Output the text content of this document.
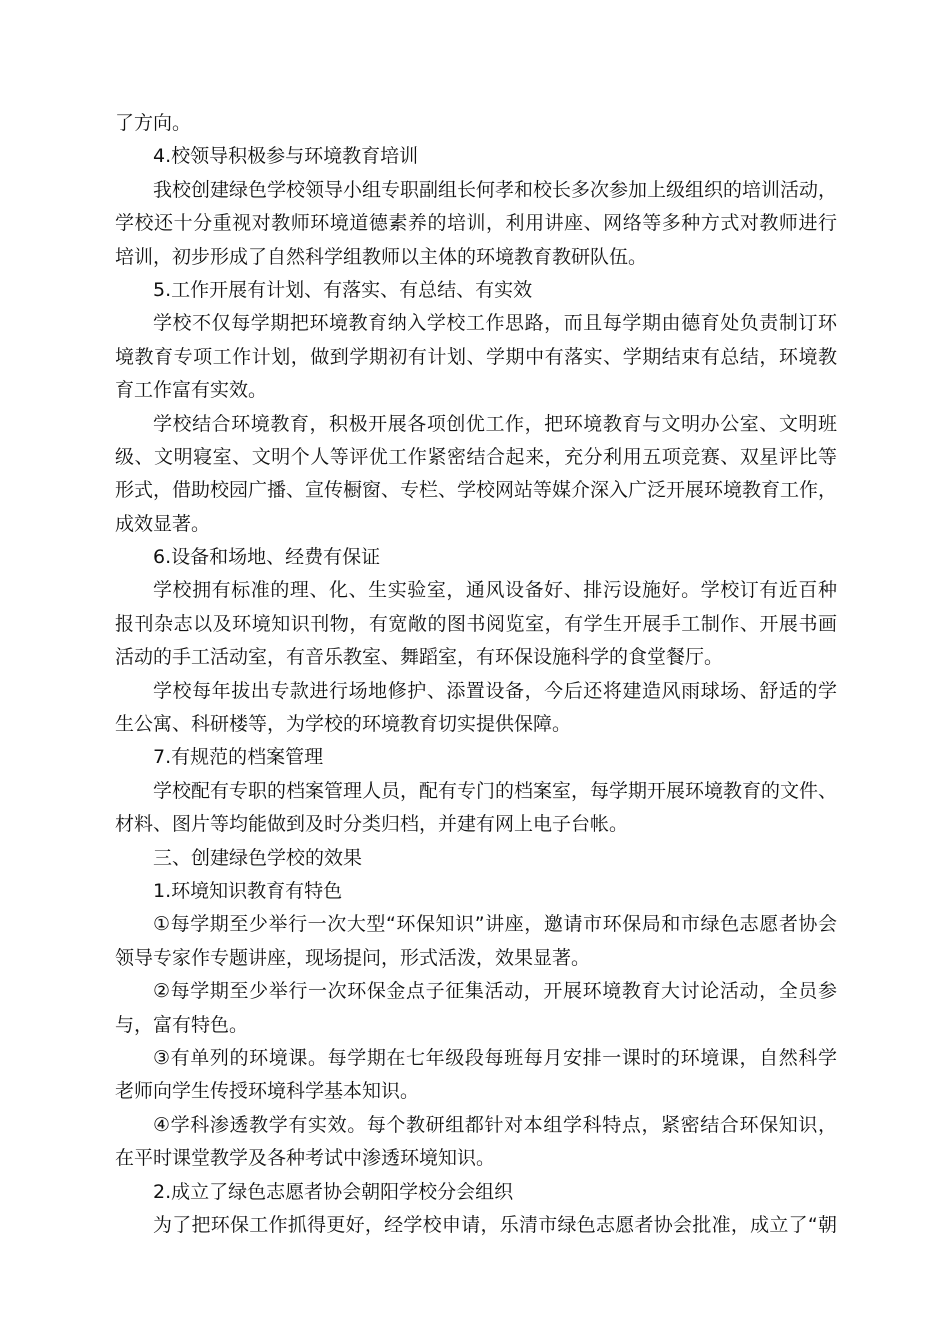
了方向。
4.校领导积极参与环境教育培训
我校创建绿色学校领导小组专职副组长何孝和校长多次参加上级组织的培训活动，
学校还十分重视对教师环境道德素养的培训，利用讲座、网络等多种方式对教师进行
培训，初步形成了自然科学组教师以主体的环境教育教研队伍。
5.工作开展有计划、有落实、有总结、有实效
学校不仅每学期把环境教育纳入学校工作思路，而且每学期由德育处负责制订环
境教育专项工作计划，做到学期初有计划、学期中有落实、学期结束有总结，环境教
育工作富有实效。
学校结合环境教育，积极开展各项创优工作，把环境教育与文明办公室、文明班
级、文明寝室、文明个人等评优工作紧密结合起来，充分利用五项竞赛、双星评比等
形式，借助校园广播、宣传橱窗、专栏、学校网站等媒介深入广泛开展环境教育工作，
成效显著。
6.设备和场地、经费有保证
学校拥有标准的理、化、生实验室，通风设备好、排污设施好。学校订有近百种
报刊杂志以及环境知识刊物，有宽敞的图书阅览室，有学生开展手工制作、开展书画
活动的手工活动室，有音乐教室、舞蹈室，有环保设施科学的食堂餐厅。
学校每年拔出专款进行场地修护、添置设备，今后还将建造风雨球场、舒适的学
生公寓、科研楼等，为学校的环境教育切实提供保障。
7.有规范的档案管理
学校配有专职的档案管理人员，配有专门的档案室，每学期开展环境教育的文件、
材料、图片等均能做到及时分类归档，并建有网上电子台帐。
三、创建绿色学校的效果
1.环境知识教育有特色
①每学期至少举行一次大型“环保知识”讲座，邀请市环保局和市绿色志愿者协会
领导专家作专题讲座，现场提问，形式活泼，效果显著。
②每学期至少举行一次环保金点子征集活动，开展环境教育大讨论活动，全员参
与，富有特色。
③有单列的环境课。每学期在七年级段每班每月安排一课时的环境课，自然科学
老师向学生传授环境科学基本知识。
④学科渗透教学有实效。每个教研组都针对本组学科特点，紧密结合环保知识，
在平时课堂教学及各种考试中渗透环境知识。
2.成立了绿色志愿者协会朝阳学校分会组织
为了把环保工作抓得更好，经学校申请，乐清市绿色志愿者协会批准，成立了“朝
